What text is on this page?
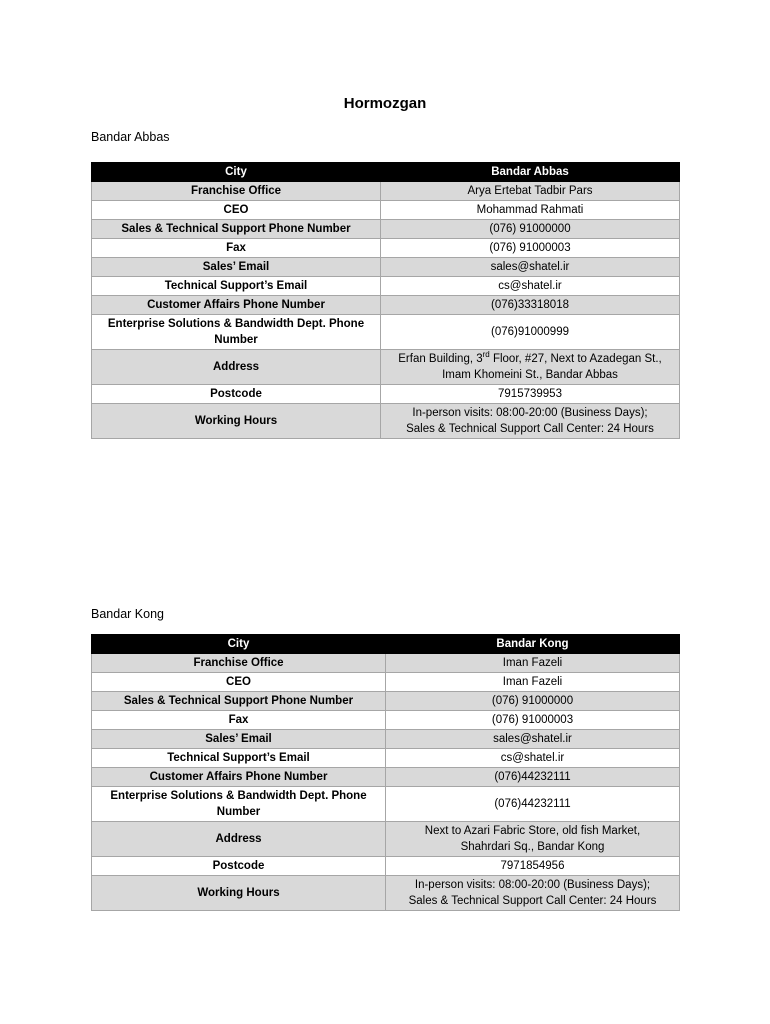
Hormozgan
Bandar Abbas
City	Bandar Abbas
Franchise Office	Arya Ertebat Tadbir Pars
CEO	Mohammad Rahmati
Sales & Technical Support Phone Number	(076) 91000000
Fax	(076) 91000003
Sales’ Email	sales@shatel.ir
Technical Support’s Email	cs@shatel.ir
Customer Affairs Phone Number	(076)33318018
Enterprise Solutions & Bandwidth Dept. Phone Number	(076)91000999
Address	Erfan Building, 3rd Floor, #27, Next to Azadegan St., Imam Khomeini St., Bandar Abbas
Postcode	7915739953
Working Hours	In-person visits: 08:00-20:00 (Business Days);
Sales & Technical Support Call Center: 24 Hours
Bandar Kong
City	Bandar Kong
Franchise Office	Iman Fazeli
CEO	Iman Fazeli
Sales & Technical Support Phone Number	(076) 91000000
Fax	(076) 91000003
Sales’ Email	sales@shatel.ir
Technical Support’s Email	cs@shatel.ir
Customer Affairs Phone Number	(076)44232111
Enterprise Solutions & Bandwidth Dept. Phone Number	(076)44232111
Address	Next to Azari Fabric Store, old fish Market,
Shahrdari Sq., Bandar Kong
Postcode	7971854956
Working Hours	In-person visits: 08:00-20:00 (Business Days);
Sales & Technical Support Call Center: 24 Hours
